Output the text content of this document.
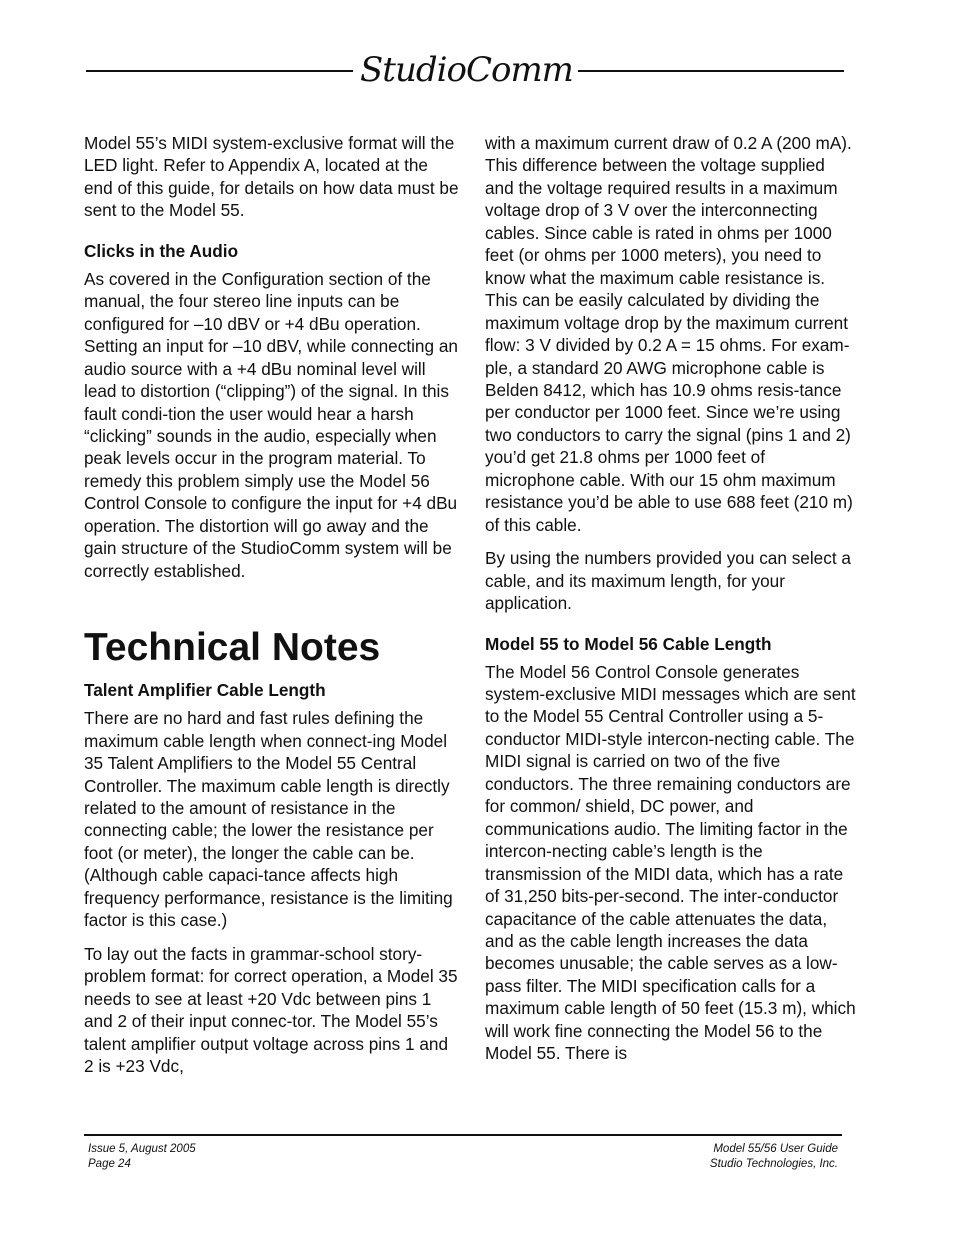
StudioComm

Model 55’s MIDI system-exclusive format will the LED light. Refer to Appendix A, located at the end of this guide, for details on how data must be sent to the Model 55.

Clicks in the Audio

As covered in the Configuration section of the manual, the four stereo line inputs can be configured for –10 dBV or +4 dBu operation. Setting an input for –10 dBV, while connecting an audio source with a +4 dBu nominal level will lead to distortion (“clipping”) of the signal. In this fault condi-tion the user would hear a harsh “clicking” sounds in the audio, especially when peak levels occur in the program material. To remedy this problem simply use the Model 56 Control Console to configure the input for +4 dBu operation. The distortion will go away and the gain structure of the StudioComm system will be correctly established.

Technical Notes
Talent Amplifier Cable Length

There are no hard and fast rules defining the maximum cable length when connect-ing Model 35 Talent Amplifiers to the Model 55 Central Controller. The maximum cable length is directly related to the amount of resistance in the connecting cable; the lower the resistance per foot (or meter), the longer the cable can be. (Although cable capaci-tance affects high frequency performance, resistance is the limiting factor is this case.)

To lay out the facts in grammar-school story-problem format: for correct operation, a Model 35 needs to see at least +20 Vdc between pins 1 and 2 of their input connec-tor. The Model 55’s talent amplifier output voltage across pins 1 and 2 is +23 Vdc,

with a maximum current draw of 0.2 A (200 mA). This difference between the voltage supplied and the voltage required results in a maximum voltage drop of 3 V over the interconnecting cables. Since cable is rated in ohms per 1000 feet (or ohms per 1000 meters), you need to know what the maximum cable resistance is. This can be easily calculated by dividing the maximum voltage drop by the maximum current flow: 3 V divided by 0.2 A = 15 ohms. For exam-ple, a standard 20 AWG microphone cable is Belden 8412, which has 10.9 ohms resis-tance per conductor per 1000 feet. Since we’re using two conductors to carry the signal (pins 1 and 2) you’d get 21.8 ohms per 1000 feet of microphone cable. With our 15 ohm maximum resistance you’d be able to use 688 feet (210 m) of this cable.

By using the numbers provided you can select a cable, and its maximum length, for your application.

Model 55 to Model 56 Cable Length

The Model 56 Control Console generates system-exclusive MIDI messages which are sent to the Model 55 Central Controller using a 5-conductor MIDI-style intercon-necting cable. The MIDI signal is carried on two of the five conductors. The three remaining conductors are for common/ shield, DC power, and communications audio. The limiting factor in the intercon-necting cable’s length is the transmission of the MIDI data, which has a rate of 31,250 bits-per-second. The inter-conductor capacitance of the cable attenuates the data, and as the cable length increases the data becomes unusable; the cable serves as a low-pass filter. The MIDI specification calls for a maximum cable length of 50 feet (15.3 m), which will work fine connecting the Model 56 to the Model 55. There is

Issue 5, August 2005
Page 24
Model 55/56 User Guide
Studio Technologies, Inc.
